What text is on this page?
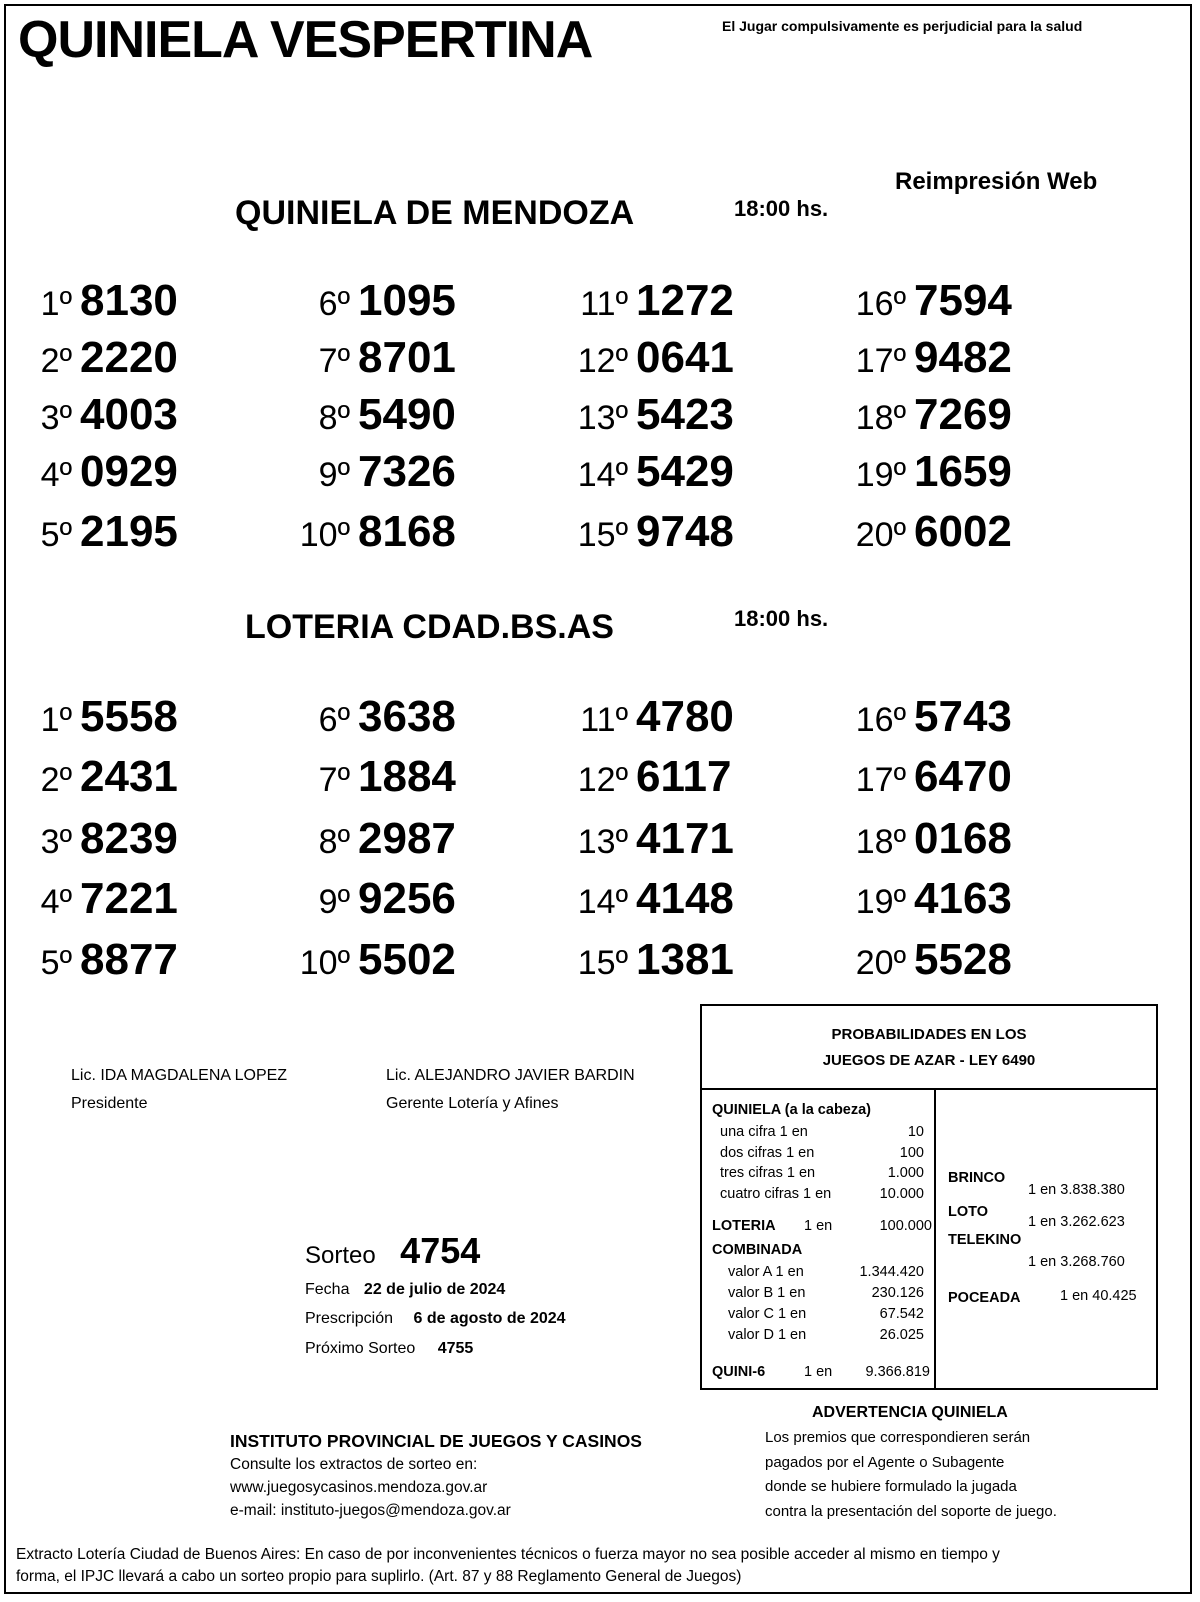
QUINIELA VESPERTINA	El Jugar compulsivamente es perjudicial para la salud
Reimpresión Web
QUINIELA DE MENDOZA	18:00 hs.
1º 8130
2º 2220
3º 4003
4º 0929
5º 2195
6º 1095
7º 8701
8º 5490
9º 7326
10º 8168
11º 1272
12º 0641
13º 5423
14º 5429
15º 9748
16º 7594
17º 9482
18º 7269
19º 1659
20º 6002
LOTERIA CDAD.BS.AS	18:00 hs.
1º 5558
2º 2431
3º 8239
4º 7221
5º 8877
6º 3638
7º 1884
8º 2987
9º 9256
10º 5502
11º 4780
12º 6117
13º 4171
14º 4148
15º 1381
16º 5743
17º 6470
18º 0168
19º 4163
20º 5528
Lic. IDA MAGDALENA LOPEZ
Presidente
Lic. ALEJANDRO JAVIER BARDIN
Gerente Lotería y Afines
Sorteo 4754
Fecha 22 de julio de 2024
Prescripción 6 de agosto de 2024
Próximo Sorteo 4755
PROBABILIDADES EN LOS
JUEGOS DE AZAR - LEY 6490
QUINIELA (a la cabeza)
una cifra 1 en	10
dos cifras 1 en	100
tres cifras 1 en	1.000
cuatro cifras 1 en	10.000
LOTERIA 1 en	100.000
COMBINADA
valor A 1 en	1.344.420
valor B 1 en	230.126
valor C 1 en	67.542
valor D 1 en	26.025
QUINI-6	1 en 9.366.819
BRINCO
1 en 3.838.380
LOTO
1 en 3.262.623
TELEKINO
1 en 3.268.760
POCEADA	1 en 40.425
ADVERTENCIA QUINIELA
Los premios que correspondieren serán
pagados por el Agente o Subagente
donde se hubiere formulado la jugada
contra la presentación del soporte de juego.
INSTITUTO PROVINCIAL DE JUEGOS Y CASINOS
Consulte los extractos de sorteo en:
www.juegosycasinos.mendoza.gov.ar
e-mail: instituto-juegos@mendoza.gov.ar
Extracto Lotería Ciudad de Buenos Aires: En caso de por inconvenientes técnicos o fuerza mayor no sea posible acceder al mismo en tiempo y
forma, el IPJC llevará a cabo un sorteo propio para suplirlo. (Art. 87 y 88 Reglamento General de Juegos)
